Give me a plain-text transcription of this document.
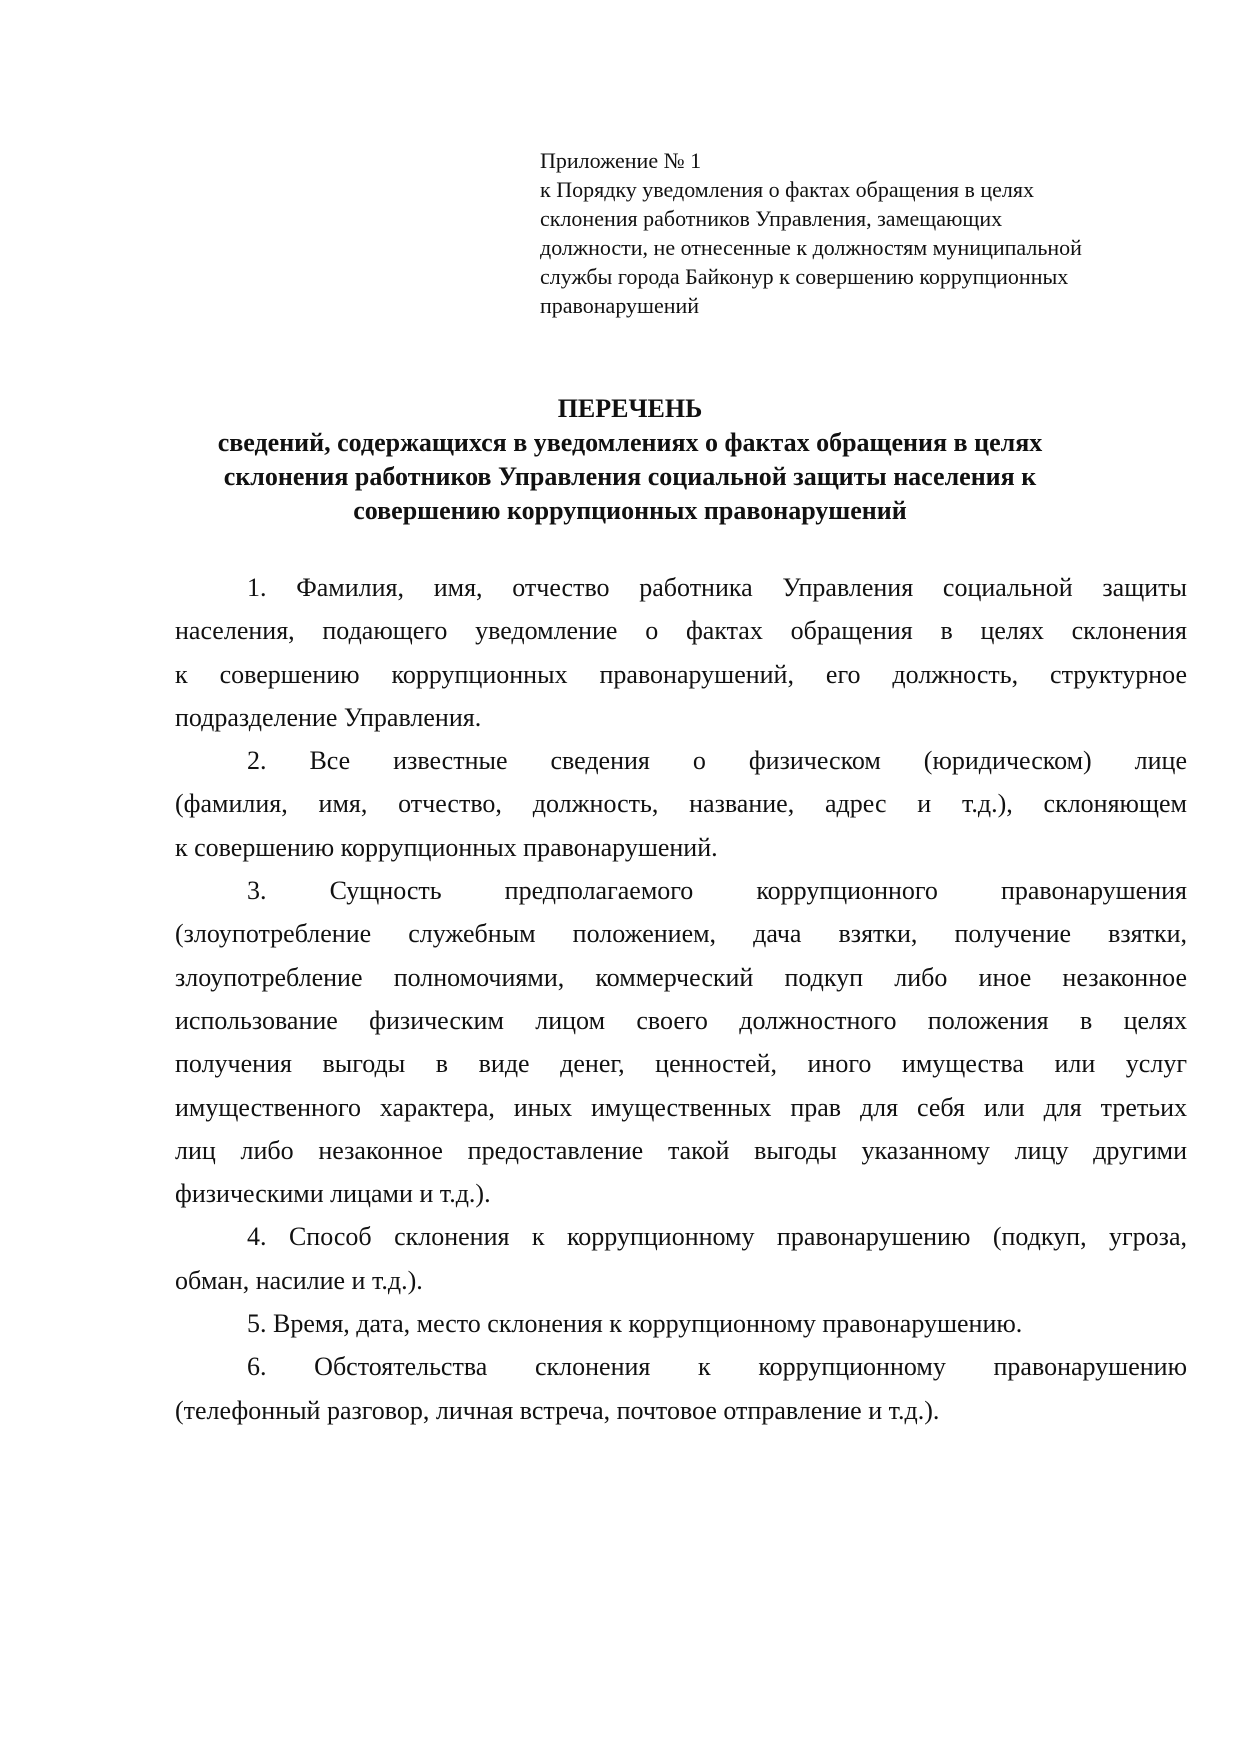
Приложение № 1
к Порядку уведомления о фактах обращения в целях
склонения работников Управления, замещающих
должности, не отнесенные к должностям муниципальной
службы города Байконур к совершению коррупционных
правонарушений
ПЕРЕЧЕНЬ
сведений, содержащихся в уведомлениях о фактах обращения в целях
склонения работников Управления социальной защиты населения к
совершению коррупционных правонарушений
1. Фамилия, имя, отчество работника Управления социальной защиты
населения, подающего уведомление о фактах обращения в целях склонения
к совершению коррупционных правонарушений, его должность, структурное
подразделение Управления.
2. Все известные сведения о физическом (юридическом) лице
(фамилия, имя, отчество, должность, название, адрес и т.д.), склоняющем
к совершению коррупционных правонарушений.
3. Сущность предполагаемого коррупционного правонарушения
(злоупотребление служебным положением, дача взятки, получение взятки,
злоупотребление полномочиями, коммерческий подкуп либо иное незаконное
использование физическим лицом своего должностного положения в целях
получения выгоды в виде денег, ценностей, иного имущества или услуг
имущественного характера, иных имущественных прав для себя или для третьих
лиц либо незаконное предоставление такой выгоды указанному лицу другими
физическими лицами и т.д.).
4. Способ склонения к коррупционному правонарушению (подкуп, угроза,
обман, насилие и т.д.).
5. Время, дата, место склонения к коррупционному правонарушению.
6. Обстоятельства склонения к коррупционному правонарушению
(телефонный разговор, личная встреча, почтовое отправление и т.д.).
